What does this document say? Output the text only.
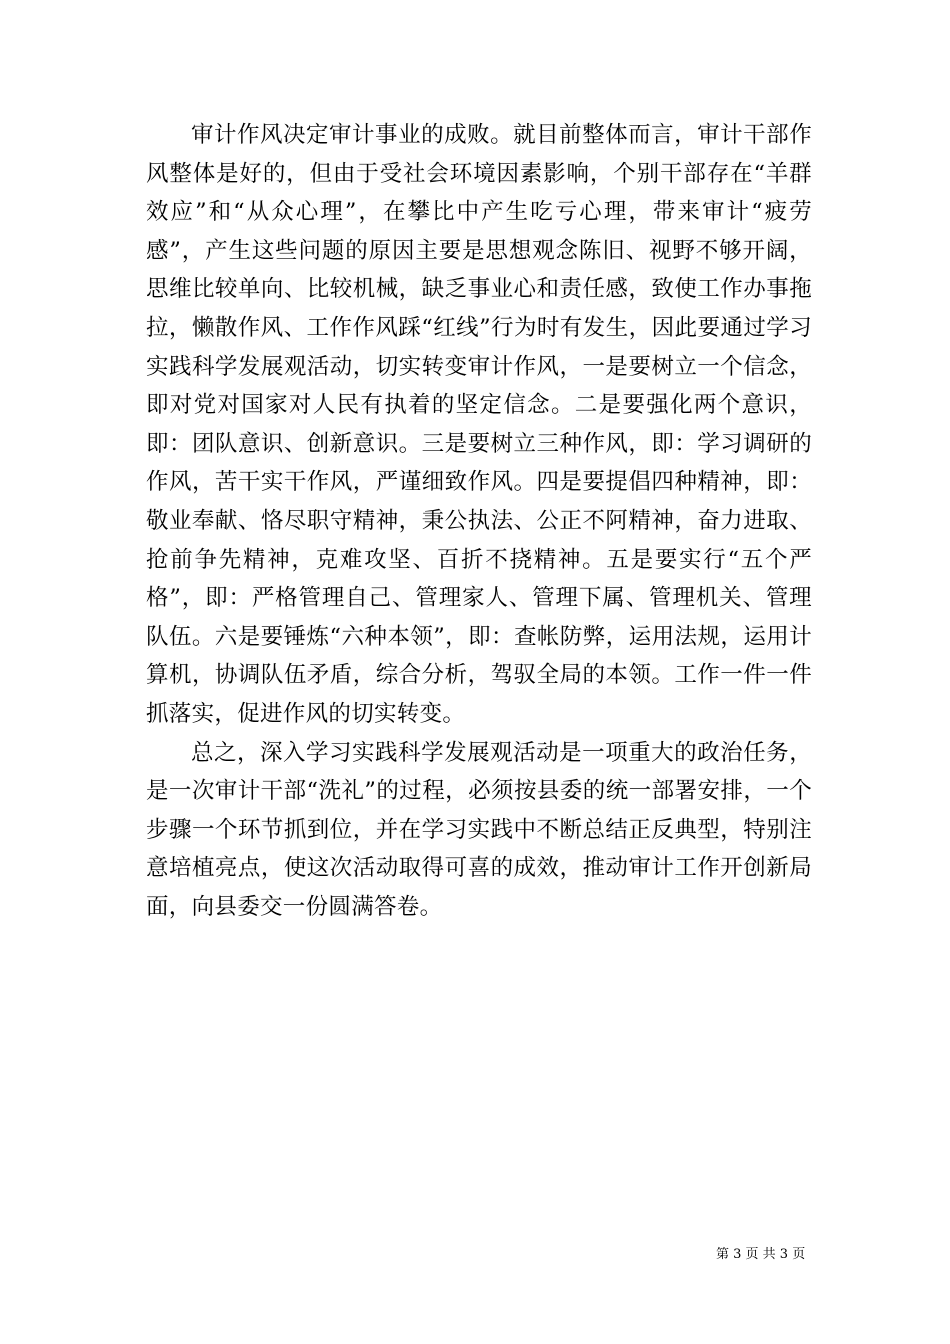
审计作风决定审计事业的成败。就目前整体而言，审计干部作风整体是好的，但由于受社会环境因素影响，个别干部存在“羊群效应”和“从众心理”，在攀比中产生吃亏心理，带来审计“疲劳感”，产生这些问题的原因主要是思想观念陈旧、视野不够开阔，思维比较单向、比较机械，缺乏事业心和责任感，致使工作办事拖拉，懒散作风、工作作风踩“红线”行为时有发生，因此要通过学习实践科学发展观活动，切实转变审计作风，一是要树立一个信念，即对党对国家对人民有执着的坚定信念。二是要强化两个意识，即：团队意识、创新意识。三是要树立三种作风，即：学习调研的作风，苦干实干作风，严谨细致作风。四是要提倡四种精神，即：敬业奉献、恪尽职守精神，秉公执法、公正不阿精神，奋力进取、抢前争先精神，克难攻坚、百折不挠精神。五是要实行“五个严格”，即：严格管理自己、管理家人、管理下属、管理机关、管理队伍。六是要锤炼“六种本领”，即：查帐防弊，运用法规，运用计算机，协调队伍矛盾，综合分析，驾驭全局的本领。工作一件一件抓落实，促进作风的切实转变。

总之，深入学习实践科学发展观活动是一项重大的政治任务，是一次审计干部“洗礼”的过程，必须按县委的统一部署安排，一个步骤一个环节抓到位，并在学习实践中不断总结正反典型，特别注意培植亮点，使这次活动取得可喜的成效，推动审计工作开创新局面，向县委交一份圆满答卷。

第 3 页 共 3 页
